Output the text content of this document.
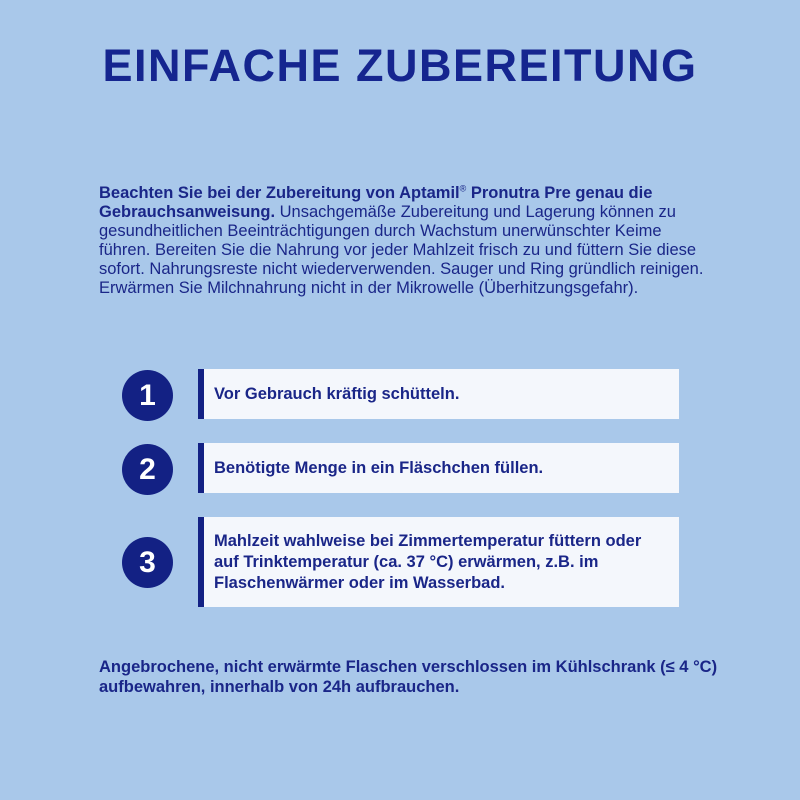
EINFACHE ZUBEREITUNG
Beachten Sie bei der Zubereitung von Aptamil® Pronutra Pre genau die Gebrauchsanweisung. Unsachgemäße Zubereitung und Lagerung können zu gesundheitlichen Beeinträchtigungen durch Wachstum unerwünschter Keime führen. Bereiten Sie die Nahrung vor jeder Mahlzeit frisch zu und füttern Sie diese sofort. Nahrungsreste nicht wiederverwenden. Sauger und Ring gründlich reinigen. Erwärmen Sie Milchnahrung nicht in der Mikrowelle (Überhitzungsgefahr).
1	Vor Gebrauch kräftig schütteln.
2	Benötigte Menge in ein Fläschchen füllen.
3
Mahlzeit wahlweise bei Zimmertemperatur füttern oder auf Trinktemperatur (ca. 37 °C) erwärmen, z.B. im Flaschenwärmer oder im Wasserbad.
Angebrochene, nicht erwärmte Flaschen verschlossen im Kühlschrank (≤ 4 °C) aufbewahren, innerhalb von 24h aufbrauchen.
